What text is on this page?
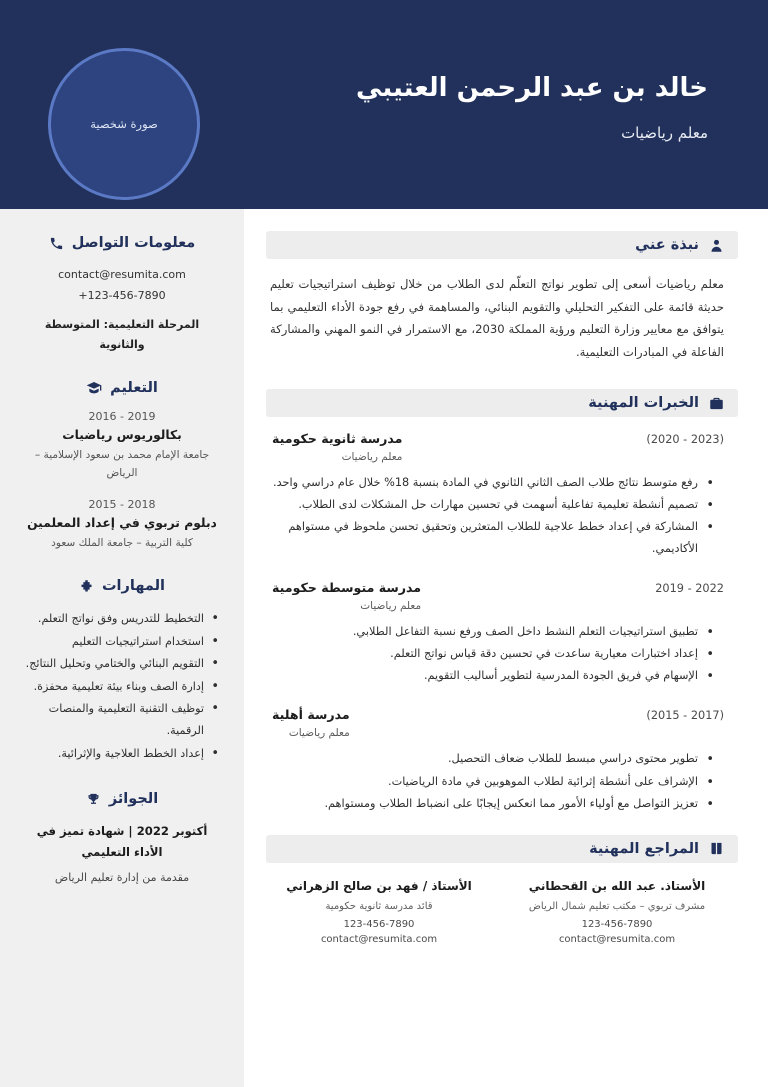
خالد بن عبد الرحمن العتيبي
معلم رياضيات
صورة شخصية
نبذة عني
معلم رياضيات أسعى إلى تطوير نواتج التعلّم لدى الطلاب من خلال توظيف استراتيجيات تعليم حديثة قائمة على التفكير التحليلي والتقويم البنائي، والمساهمة في رفع جودة الأداء التعليمي بما يتوافق مع معايير وزارة التعليم ورؤية المملكة 2030، مع الاستمرار في النمو المهني والمشاركة الفاعلة في المبادرات التعليمية.
الخبرات المهنية
مدرسة ثانوية حكومية
معلم رياضيات
(2020 - 2023)
• رفع متوسط نتائج طلاب الصف الثاني الثانوي في المادة بنسبة 18% خلال عام دراسي واحد.
• تصميم أنشطة تعليمية تفاعلية أسهمت في تحسين مهارات حل المشكلات لدى الطلاب.
• المشاركة في إعداد خطط علاجية للطلاب المتعثرين وتحقيق تحسن ملحوظ في مستواهم الأكاديمي.
مدرسة متوسطة حكومية
معلم رياضيات
2019 - 2022
• تطبيق استراتيجيات التعلم النشط داخل الصف ورفع نسبة التفاعل الطلابي.
• إعداد اختبارات معيارية ساعدت في تحسين دقة قياس نواتج التعلم.
• الإسهام في فريق الجودة المدرسية لتطوير أساليب التقويم.
مدرسة أهلية
معلم رياضيات
(2015 - 2017)
• تطوير محتوى دراسي مبسط للطلاب ضعاف التحصيل.
• الإشراف على أنشطة إثرائية لطلاب الموهوبين في مادة الرياضيات.
• تعزيز التواصل مع أولياء الأمور مما انعكس إيجابًا على انضباط الطلاب ومستواهم.
المراجع المهنية
الأستاذ. عبد الله بن القحطاني
مشرف تربوي – مكتب تعليم شمال الرياض
123-456-7890
contact@resumita.com
الأستاذ / فهد بن صالح الزهراني
قائد مدرسة ثانوية حكومية
123-456-7890
contact@resumita.com
معلومات التواصل
contact@resumita.com
+123-456-7890
المرحلة التعليمية: المتوسطة والثانوية
التعليم
2016 - 2019
بكالوريوس رياضيات
جامعة الإمام محمد بن سعود الإسلامية – الرياض
2015 - 2018
دبلوم تربوي في إعداد المعلمين
كلية التربية – جامعة الملك سعود
المهارات
• التخطيط للتدريس وفق نواتج التعلم.
• استخدام استراتيجيات التعليم
• التقويم البنائي والختامي وتحليل النتائج.
• إدارة الصف وبناء بيئة تعليمية محفزة.
• توظيف التقنية التعليمية والمنصات الرقمية.
• إعداد الخطط العلاجية والإثرائية.
الجوائز
أكتوبر 2022 | شهادة تميز في الأداء التعليمي
مقدمة من إدارة تعليم الرياض
